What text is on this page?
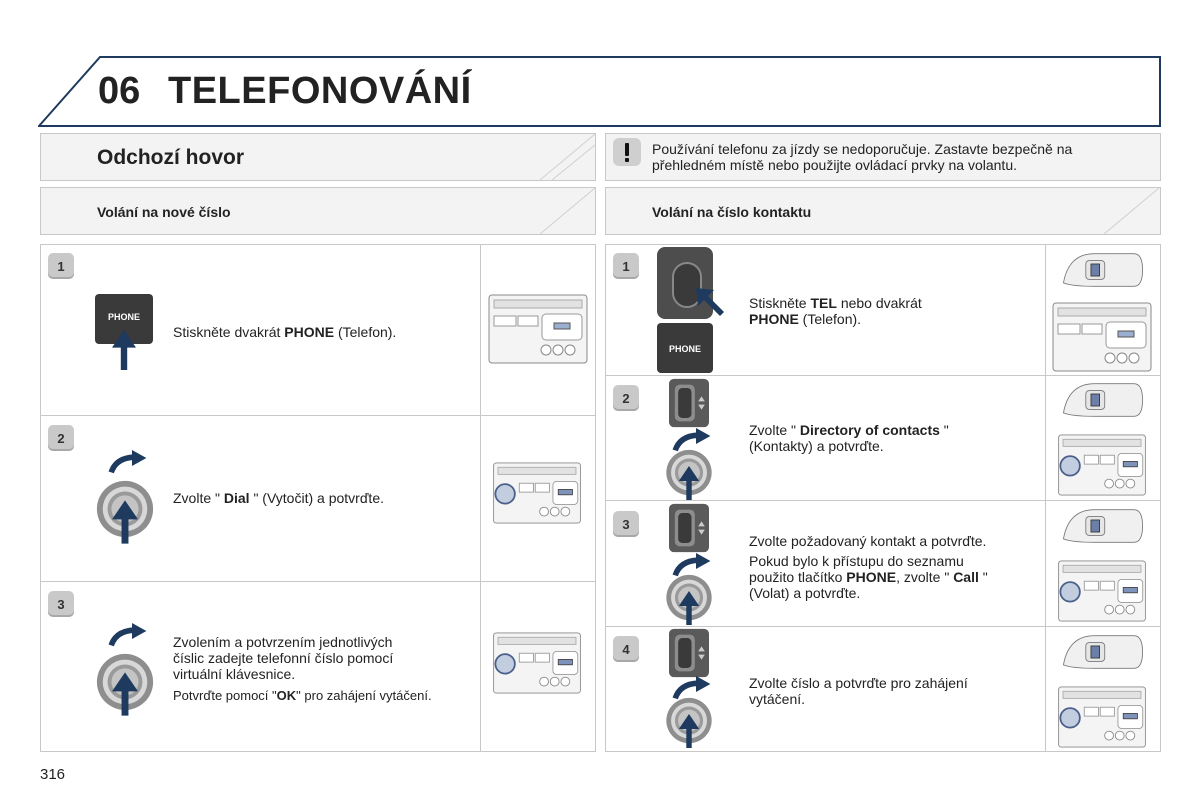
06 TELEFONOVÁNÍ
Odchozí hovor	Používání telefonu za jízdy se nedoporučuje. Zastavte bezpečně na
přehledném místě nebo použijte ovládací prvky na volantu.
Volání na nové číslo	Volání na číslo kontaktu
1
PHONE
Stiskněte dvakrát PHONE (Telefon).
2
Zvolte " Dial " (Vytočit) a potvrďte.
3
Zvolením a potvrzením jednotlivých
číslic zadejte telefonní číslo pomocí
virtuální klávesnice.
Potvrďte pomocí "OK" pro zahájení vytáčení.
1
PHONE
Stiskněte TEL nebo dvakrát
PHONE (Telefon).
2
Zvolte " Directory of contacts "
(Kontakty) a potvrďte.
3
Zvolte požadovaný kontakt a potvrďte.
Pokud bylo k přístupu do seznamu
použito tlačítko PHONE, zvolte " Call "
(Volat) a potvrďte.
4
Zvolte číslo a potvrďte pro zahájení
vytáčení.
316
